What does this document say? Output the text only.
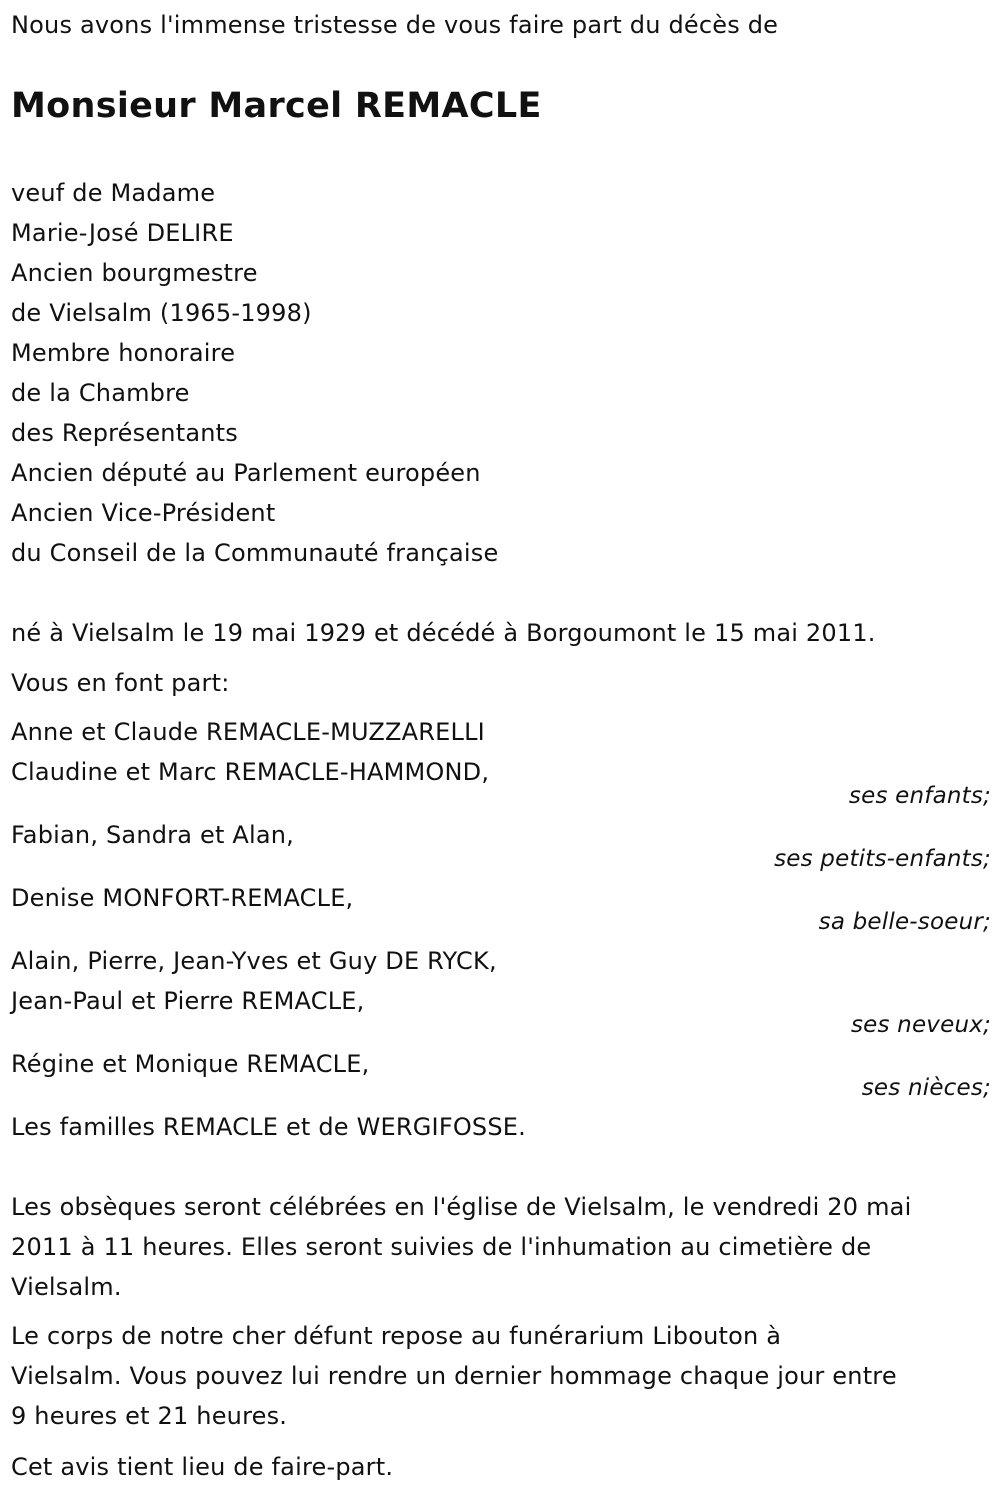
Nous avons l'immense tristesse de vous faire part du décès de
Monsieur Marcel REMACLE
veuf de Madame
Marie-José DELIRE
Ancien bourgmestre
de Vielsalm (1965-1998)
Membre honoraire
de la Chambre
des Représentants
Ancien député au Parlement européen
Ancien Vice-Président
du Conseil de la Communauté française
né à Vielsalm le 19 mai 1929 et décédé à Borgoumont le 15 mai 2011.
Vous en font part:
Anne et Claude REMACLE-MUZZARELLI
Claudine et Marc REMACLE-HAMMOND,
ses enfants;
Fabian, Sandra et Alan,
ses petits-enfants;
Denise MONFORT-REMACLE,
sa belle-soeur;
Alain, Pierre, Jean-Yves et Guy DE RYCK,
Jean-Paul et Pierre REMACLE,
ses neveux;
Régine et Monique REMACLE,
ses nièces;
Les familles REMACLE et de WERGIFOSSE.
Les obsèques seront célébrées en l'église de Vielsalm, le vendredi 20 mai
2011 à 11 heures. Elles seront suivies de l'inhumation au cimetière de
Vielsalm.
Le corps de notre cher défunt repose au funérarium Libouton à
Vielsalm. Vous pouvez lui rendre un dernier hommage chaque jour entre
9 heures et 21 heures.
Cet avis tient lieu de faire-part.
